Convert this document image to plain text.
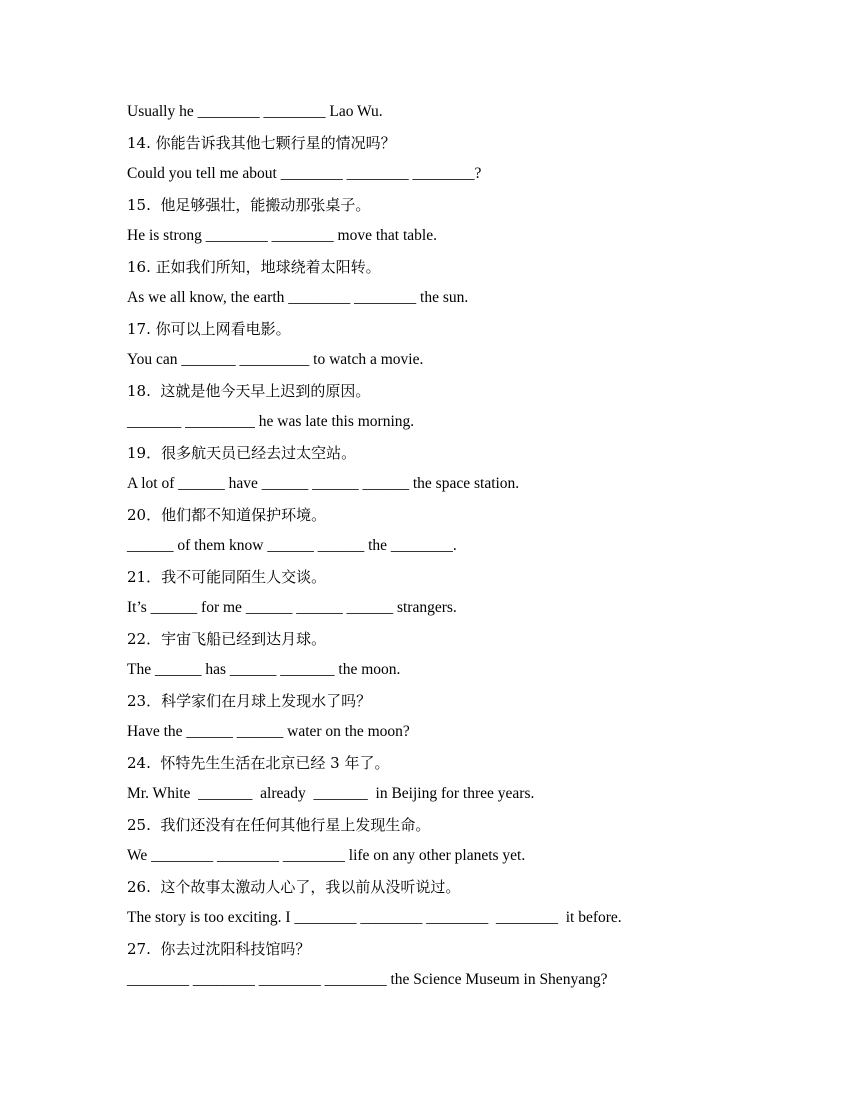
Usually he ________ ________ Lao Wu.
14. 你能告诉我其他七颗行星的情况吗？
Could you tell me about ________ ________ ________?
15.  他足够强壮，能搬动那张桌子。
He is strong ________ ________ move that table.
16. 正如我们所知，地球绕着太阳转。
As we all know, the earth ________ ________ the sun.
17. 你可以上网看电影。
You can _______ _________ to watch a movie.
18.  这就是他今天早上迟到的原因。
_______ _________ he was late this morning.
19．很多航天员已经去过太空站。
A lot of ______ have ______ ______ ______ the space station.
20．他们都不知道保护环境。
______ of them know ______ ______ the ________.
21．我不可能同陌生人交谈。
It’s ______ for me ______ ______ ______ strangers.
22．宇宙飞船已经到达月球。
The ______ has ______ _______ the moon.
23．科学家们在月球上发现水了吗？
Have the ______ ______ water on the moon?
24.  怀特先生生活在北京已经 3 年了。
Mr. White  _______  already  _______  in Beijing for three years.
25.  我们还没有在任何其他行星上发现生命。
We ________ ________ ________ life on any other planets yet.
26.  这个故事太激动人心了，我以前从没听说过。
The story is too exciting. I ________ ________ ________  ________  it before.
27.  你去过沈阳科技馆吗？
________ ________ ________ ________ the Science Museum in Shenyang?
